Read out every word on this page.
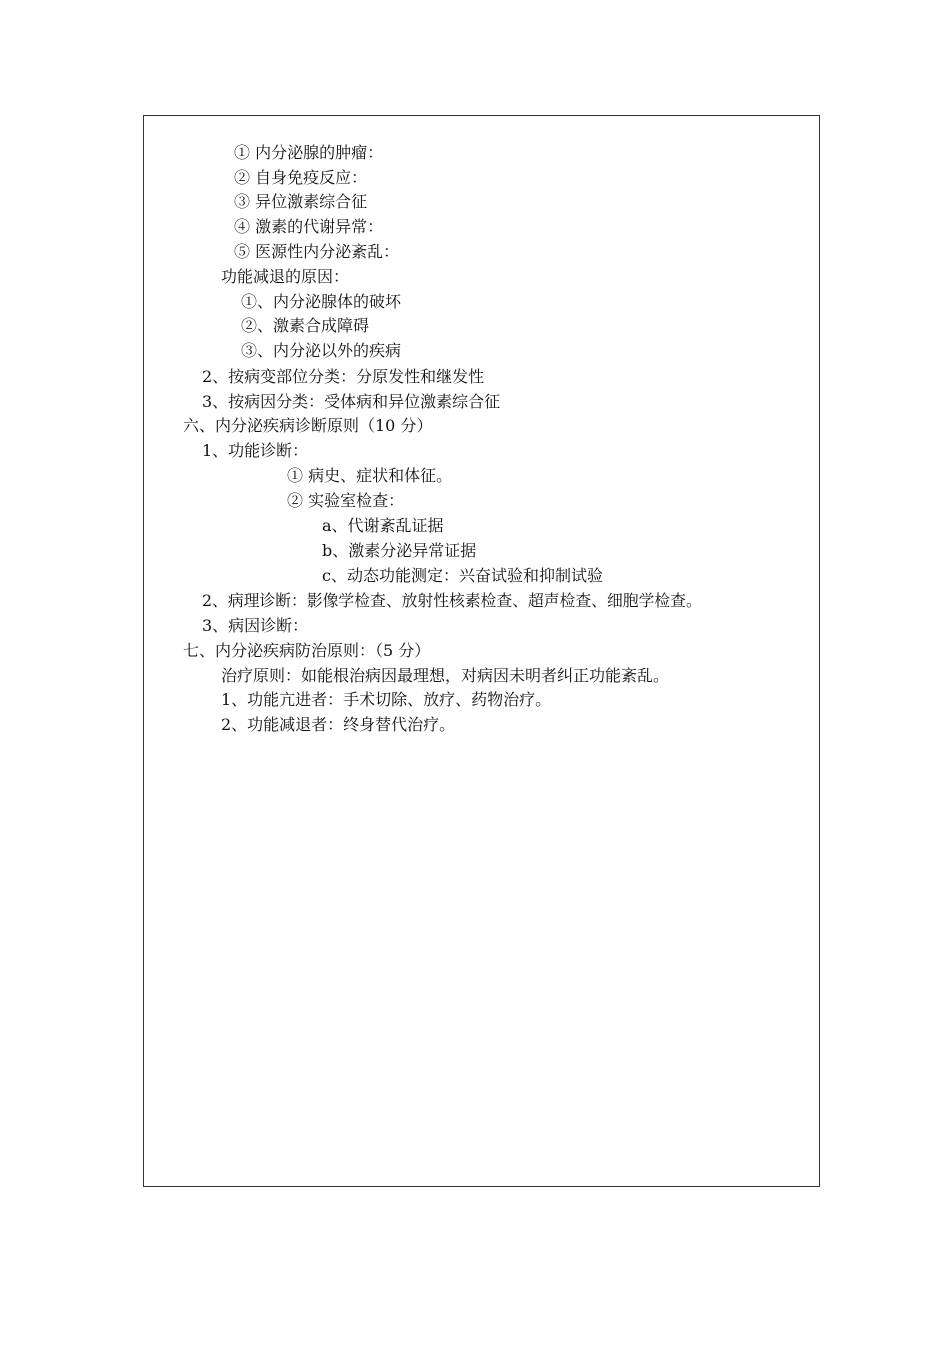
① 内分泌腺的肿瘤：
② 自身免疫反应：
③ 异位激素综合征
④ 激素的代谢异常：
⑤ 医源性内分泌紊乱：
功能减退的原因：
①、内分泌腺体的破坏
②、激素合成障碍
③、内分泌以外的疾病
2、按病变部位分类：分原发性和继发性
3、按病因分类：受体病和异位激素综合征
六、内分泌疾病诊断原则（10 分）
1、功能诊断：
① 病史、症状和体征。
② 实验室检查：
a、代谢紊乱证据
b、激素分泌异常证据
c、动态功能测定：兴奋试验和抑制试验
2、病理诊断：影像学检查、放射性核素检查、超声检查、细胞学检查。
3、病因诊断：
七、内分泌疾病防治原则：（5 分）
治疗原则：如能根治病因最理想，对病因未明者纠正功能紊乱。
1、功能亢进者：手术切除、放疗、药物治疗。
2、功能减退者：终身替代治疗。
